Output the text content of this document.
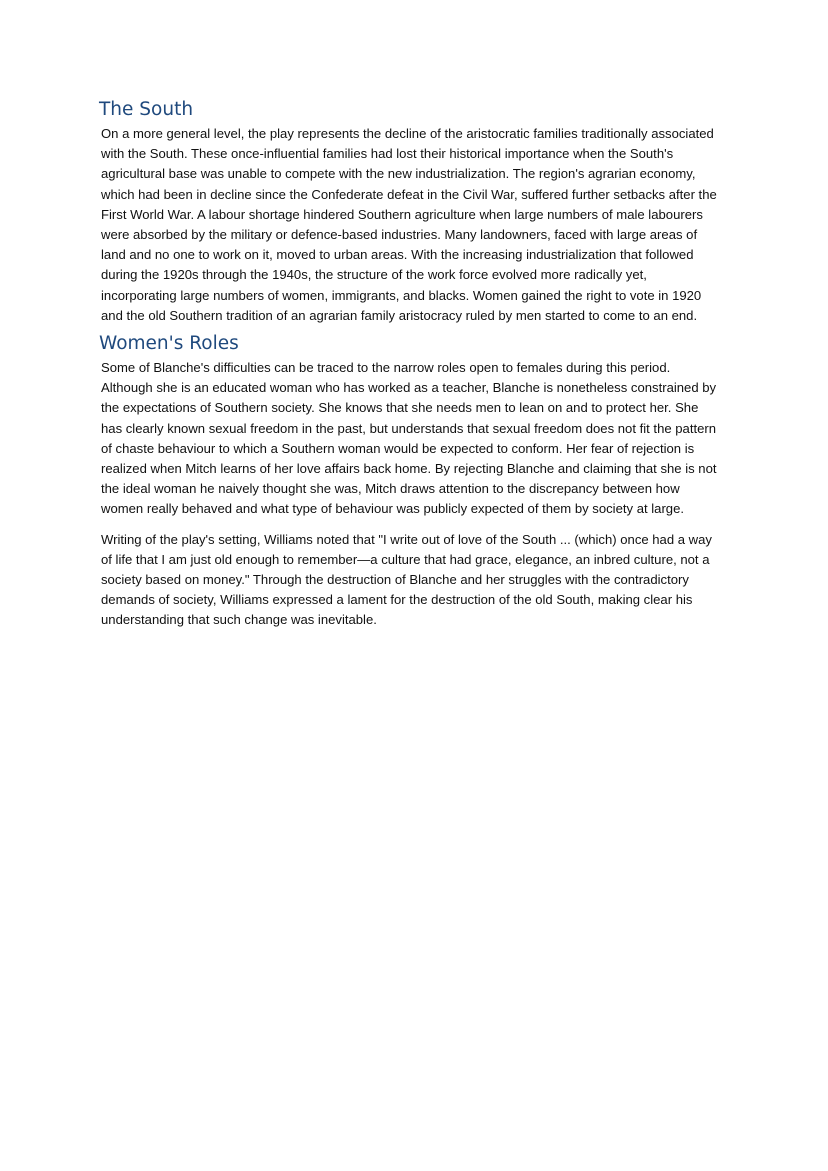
The South

On a more general level, the play represents the decline of the aristocratic families traditionally associated with the South. These once-influential families had lost their historical importance when the South's agricultural base was unable to compete with the new industrialization. The region's agrarian economy, which had been in decline since the Confederate defeat in the Civil War, suffered further setbacks after the First World War. A labour shortage hindered Southern agriculture when large numbers of male labourers were absorbed by the military or defence-based industries. Many landowners, faced with large areas of land and no one to work on it, moved to urban areas. With the increasing industrialization that followed during the 1920s through the 1940s, the structure of the work force evolved more radically yet, incorporating large numbers of women, immigrants, and blacks. Women gained the right to vote in 1920 and the old Southern tradition of an agrarian family aristocracy ruled by men started to come to an end.

Women's Roles

Some of Blanche's difficulties can be traced to the narrow roles open to females during this period. Although she is an educated woman who has worked as a teacher, Blanche is nonetheless constrained by the expectations of Southern society. She knows that she needs men to lean on and to protect her. She has clearly known sexual freedom in the past, but understands that sexual freedom does not fit the pattern of chaste behaviour to which a Southern woman would be expected to conform. Her fear of rejection is realized when Mitch learns of her love affairs back home. By rejecting Blanche and claiming that she is not the ideal woman he naively thought she was, Mitch draws attention to the discrepancy between how women really behaved and what type of behaviour was publicly expected of them by society at large.

Writing of the play's setting, Williams noted that "I write out of love of the South ... (which) once had a way of life that I am just old enough to remember—a culture that had grace, elegance, an inbred culture, not a society based on money." Through the destruction of Blanche and her struggles with the contradictory demands of society, Williams expressed a lament for the destruction of the old South, making clear his understanding that such change was inevitable.
